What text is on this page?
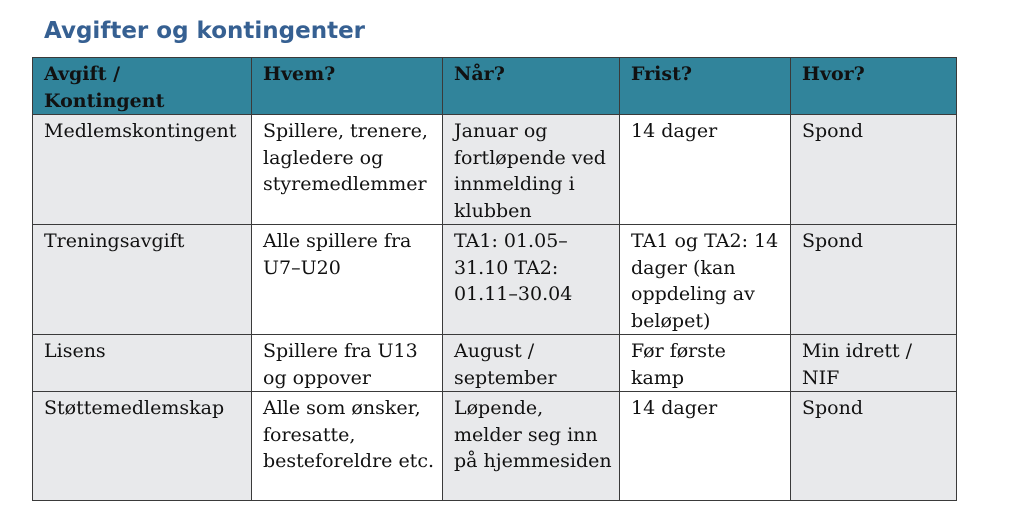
Avgifter og kontingenter
Avgift / Kontingent	Hvem?	Når?	Frist?	Hvor?
Medlemskontingent	Spillere, trenere, lagledere og styremedlemmer	Januar og fortløpende ved innmelding i klubben	14 dager	Spond
Treningsavgift	Alle spillere fra U7–U20	TA1: 01.05–31.10 TA2: 01.11–30.04	TA1 og TA2: 14 dager (kan oppdeling av beløpet)	Spond
Lisens	Spillere fra U13 og oppover	August / september	Før første kamp	Min idrett / NIF
Støttemedlemskap	Alle som ønsker, foresatte, besteforeldre etc.	Løpende, melder seg inn på hjemmesiden	14 dager	Spond
